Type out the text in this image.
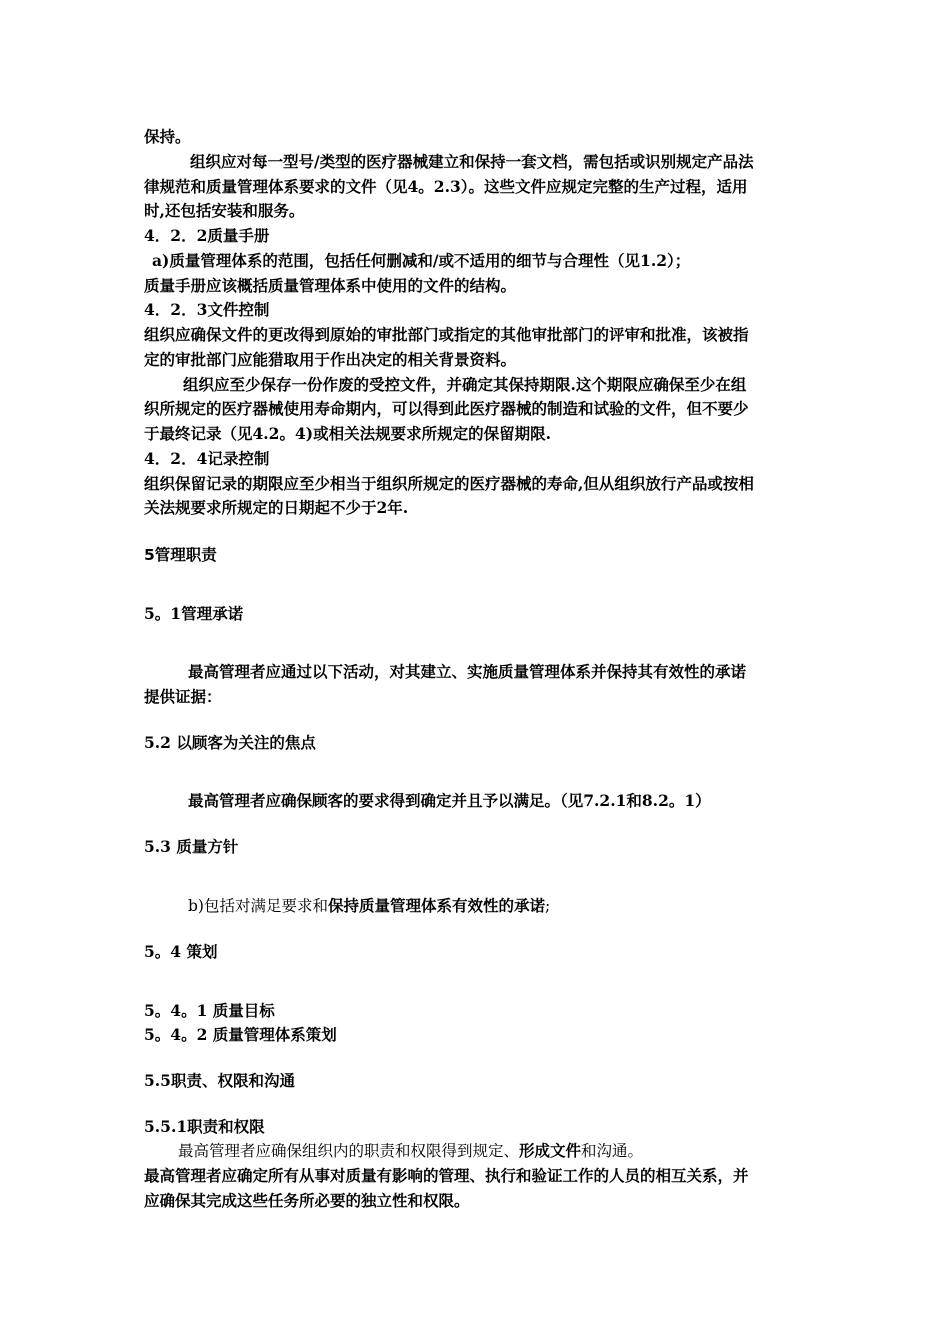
保持。
组织应对每一型号/类型的医疗器械建立和保持一套文档，需包括或识别规定产品法
律规范和质量管理体系要求的文件（见4。2.3）。这些文件应规定完整的生产过程，适用
时,还包括安装和服务。
4．2．2质量手册
a)质量管理体系的范围，包括任何删减和/或不适用的细节与合理性（见1.2）；
质量手册应该概括质量管理体系中使用的文件的结构。
4．2．3文件控制
组织应确保文件的更改得到原始的审批部门或指定的其他审批部门的评审和批准，该被指
定的审批部门应能猎取用于作出决定的相关背景资料。
组织应至少保存一份作废的受控文件，并确定其保持期限.这个期限应确保至少在组
织所规定的医疗器械使用寿命期内，可以得到此医疗器械的制造和试验的文件，但不要少
于最终记录（见4.2。4)或相关法规要求所规定的保留期限.
4．2．4记录控制
组织保留记录的期限应至少相当于组织所规定的医疗器械的寿命,但从组织放行产品或按相
关法规要求所规定的日期起不少于2年.
5管理职责
5。1管理承诺
最高管理者应通过以下活动，对其建立、实施质量管理体系并保持其有效性的承诺
提供证据：
5.2 以顾客为关注的焦点
最高管理者应确保顾客的要求得到确定并且予以满足。（见7.2.1和8.2。1）
5.3 质量方针
b)包括对满足要求和保持质量管理体系有效性的承诺;
5。4 策划
5。4。1 质量目标
5。4。2 质量管理体系策划
5.5职责、权限和沟通
5.5.1职责和权限
最高管理者应确保组织内的职责和权限得到规定、形成文件和沟通。
最高管理者应确定所有从事对质量有影响的管理、执行和验证工作的人员的相互关系，并
应确保其完成这些任务所必要的独立性和权限。
